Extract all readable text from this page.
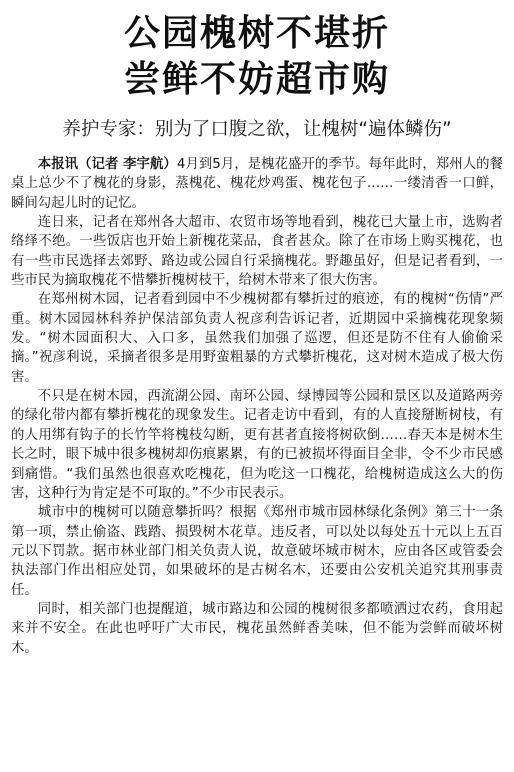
公园槐树不堪折
尝鲜不妨超市购
养护专家：别为了口腹之欲，让槐树“遍体鳞伤”

本报讯（记者 李宇航）4月到5月，是槐花盛开的季节。每年此时，郑州人的餐桌上总少不了槐花的身影，蒸槐花、槐花炒鸡蛋、槐花包子……一缕清香一口鲜，瞬间勾起儿时的记忆。

连日来，记者在郑州各大超市、农贸市场等地看到，槐花已大量上市，选购者络绎不绝。一些饭店也开始上新槐花菜品，食者甚众。除了在市场上购买槐花，也有一些市民选择去郊野、路边或公园自行采摘槐花。野趣虽好，但是记者看到，一些市民为摘取槐花不惜攀折槐树枝干，给树木带来了很大伤害。

在郑州树木园，记者看到园中不少槐树都有攀折过的痕迹，有的槐树“伤情”严重。树木园园林科养护保洁部负责人祝彦利告诉记者，近期园中采摘槐花现象频发。“树木园面积大、入口多，虽然我们加强了巡逻，但还是防不住有人偷偷采摘。”祝彦利说，采摘者很多是用野蛮粗暴的方式攀折槐花，这对树木造成了极大伤害。

不只是在树木园，西流湖公园、南环公园、绿博园等公园和景区以及道路两旁的绿化带内都有攀折槐花的现象发生。记者走访中看到，有的人直接掰断树枝，有的人用绑有钩子的长竹竿将槐枝勾断，更有甚者直接将树砍倒……春天本是树木生长之时，眼下城中很多槐树却伤痕累累，有的已被损坏得面目全非，令不少市民感到痛惜。“我们虽然也很喜欢吃槐花，但为吃这一口槐花，给槐树造成这么大的伤害，这种行为肯定是不可取的。”不少市民表示。

城市中的槐树可以随意攀折吗？根据《郑州市城市园林绿化条例》第三十一条第一项，禁止偷盗、践踏、损毁树木花草。违反者，可以处以每处五十元以上五百元以下罚款。据市林业部门相关负责人说，故意破坏城市树木，应由各区或管委会执法部门作出相应处罚，如果破坏的是古树名木，还要由公安机关追究其刑事责任。

同时，相关部门也提醒道，城市路边和公园的槐树很多都喷洒过农药，食用起来并不安全。在此也呼吁广大市民，槐花虽然鲜香美味，但不能为尝鲜而破坏树木。
